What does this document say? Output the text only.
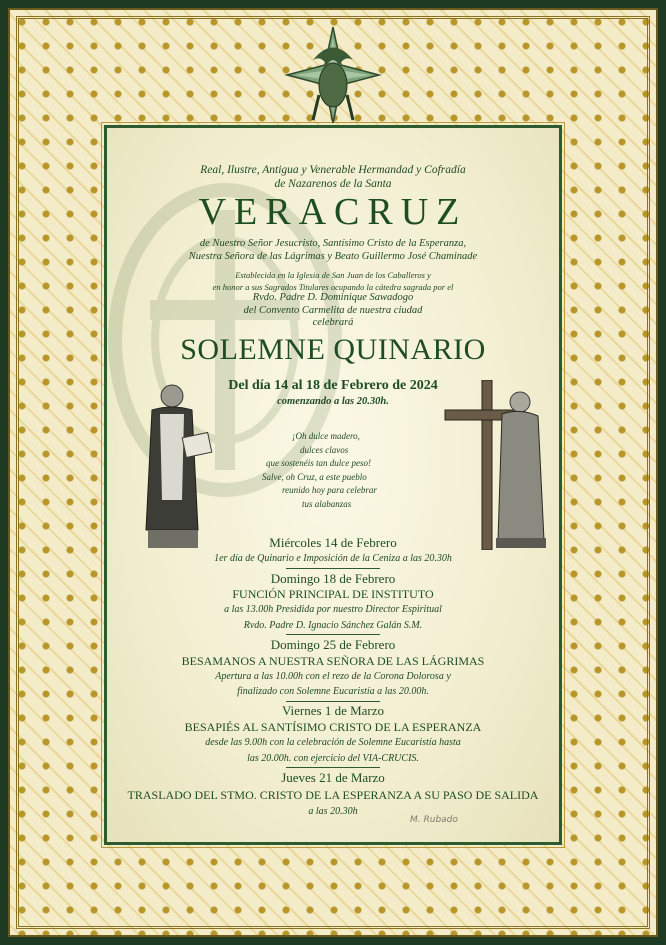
Real, Ilustre, Antigua y Venerable Hermandad y Cofradía
de Nazarenos de la Santa
VERACRUZ
de Nuestro Señor Jesucristo, Santísimo Cristo de la Esperanza,
Nuestra Señora de las Lágrimas y Beato Guillermo José Chaminade
Establecida en la Iglesia de San Juan de los Caballeros y
en honor a sus Sagrados Titulares ocupando la cátedra sagrada por el
Rvdo. Padre D. Dominique Sawadogo
del Convento Carmelita de nuestra ciudad
celebrará
SOLEMNE QUINARIO
Del día 14 al 18 de Febrero de 2024
comenzando a las 20.30h.
¡Oh dulce madero,
dulces clavos
que sostenéis tan dulce peso!
Salve, oh Cruz, a este pueblo
reunido hoy para celebrar
tus alabanzas
Miércoles 14 de Febrero
1er día de Quinario e Imposición de la Ceniza a las 20.30h
Domingo 18 de Febrero
FUNCIÓN PRINCIPAL DE INSTITUTO
a las 13.00h Presidida por nuestro Director Espiritual
Rvdo. Padre D. Ignacio Sánchez Galán S.M.
Domingo 25 de Febrero
BESAMANOS A NUESTRA SEÑORA DE LAS LÁGRIMAS
Apertura a las 10.00h con el rezo de la Corona Dolorosa y
finalizado con Solemne Eucaristía a las 20.00h.
Viernes 1 de Marzo
BESAPIÉS AL SANTÍSIMO CRISTO DE LA ESPERANZA
desde las 9.00h con la celebración de Solemne Eucaristía hasta
las 20.00h. con ejercicio del VIA-CRUCIS.
Jueves 21 de Marzo
TRASLADO DEL STMO. CRISTO DE LA ESPERANZA A SU PASO DE SALIDA
a las 20.30h
M. Rubado
